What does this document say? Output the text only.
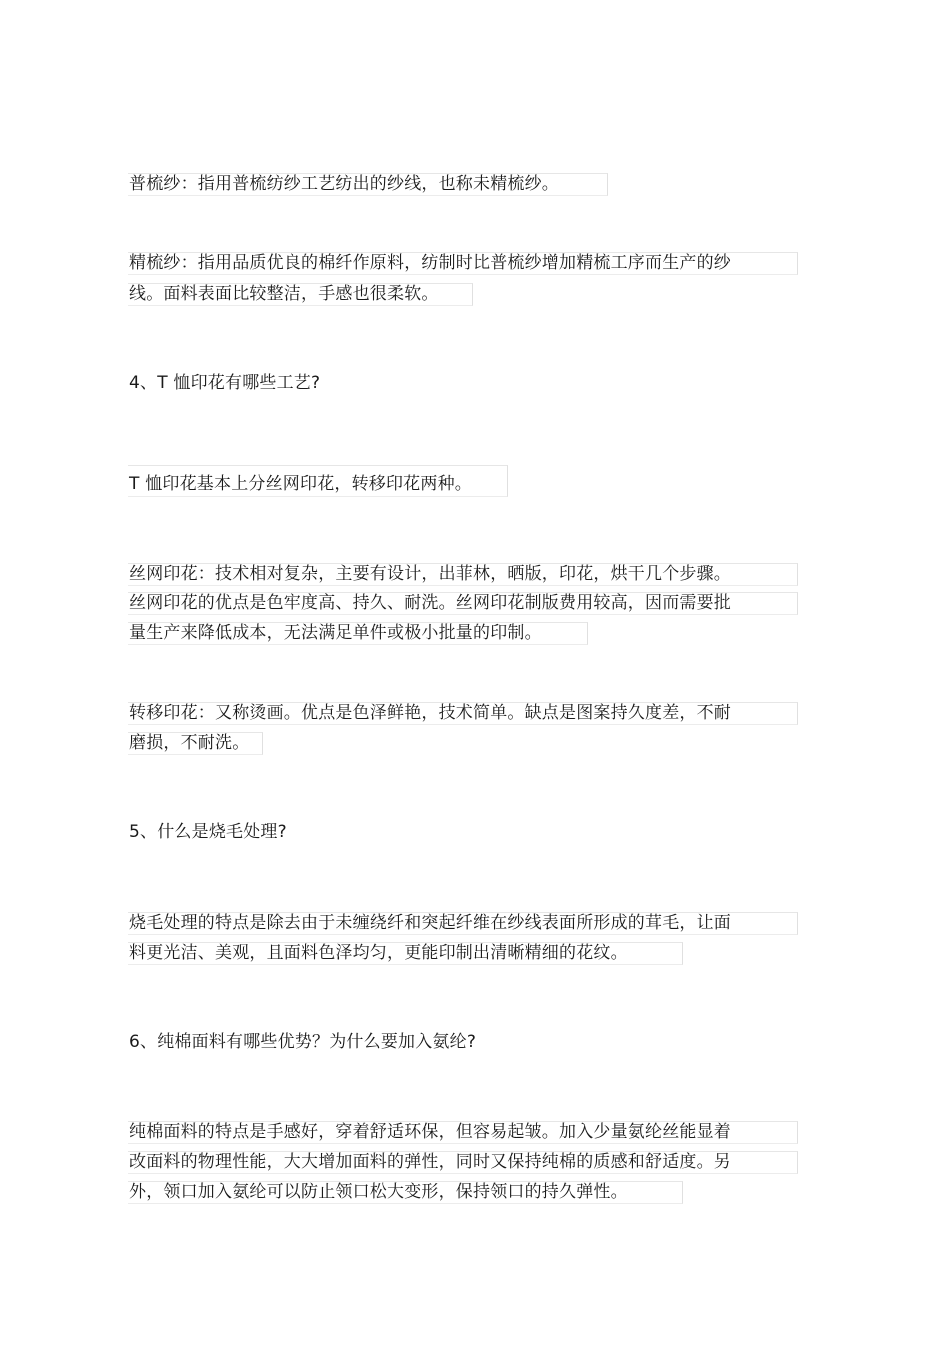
普梳纱：指用普梳纺纱工艺纺出的纱线，也称未精梳纱。
精梳纱：指用品质优良的棉纤作原料，纺制时比普梳纱增加精梳工序而生产的纱
线。面料表面比较整洁，手感也很柔软。
4、T 恤印花有哪些工艺?
T 恤印花基本上分丝网印花，转移印花两种。
丝网印花：技术相对复杂，主要有设计，出菲林，晒版，印花，烘干几个步骤。
丝网印花的优点是色牢度高、持久、耐洗。丝网印花制版费用较高，因而需要批
量生产来降低成本，无法满足单件或极小批量的印制。
转移印花：又称烫画。优点是色泽鲜艳，技术简单。缺点是图案持久度差，不耐
磨损，不耐洗。
5、什么是烧毛处理?
烧毛处理的特点是除去由于未缠绕纤和突起纤维在纱线表面所形成的茸毛，让面
料更光洁、美观，且面料色泽均匀，更能印制出清晰精细的花纹。
6、纯棉面料有哪些优势？为什么要加入氨纶?
纯棉面料的特点是手感好，穿着舒适环保，但容易起皱。加入少量氨纶丝能显着
改面料的物理性能，大大增加面料的弹性，同时又保持纯棉的质感和舒适度。另
外，领口加入氨纶可以防止领口松大变形，保持领口的持久弹性。
